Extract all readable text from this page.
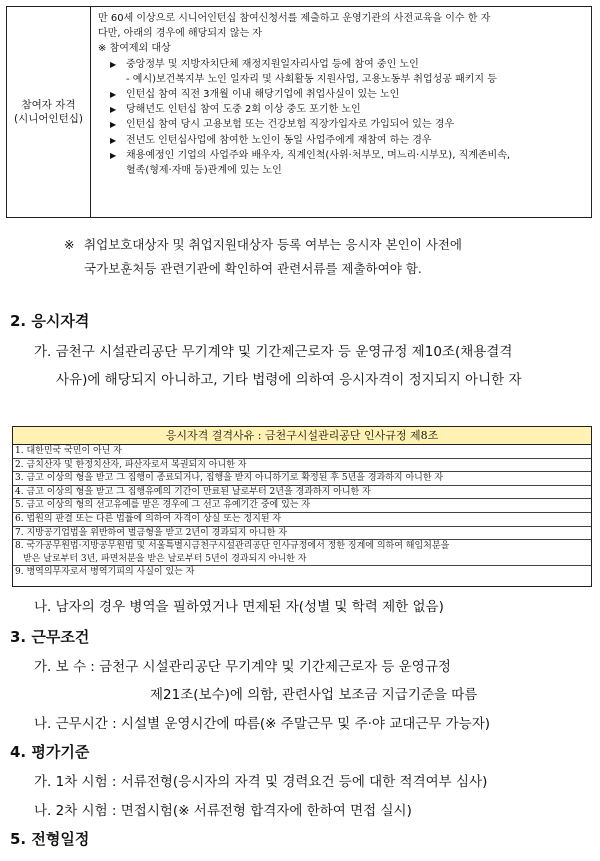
참여자 자격
(시니어인턴십)

만 60세 이상으로 시니어인턴십 참여신청서를 제출하고 운영기관의 사전교육을 이수 한 자

다만, 아래의 경우에 해당되지 않는 자

※ 참여제외 대상

▶ 중앙정부 및 지방자치단체 재정지원일자리사업 등에 참여 중인 노인
- 예시)보건복지부 노인 일자리 및 사회활동 지원사업, 고용노동부 취업성공 패키지 등
▶ 인턴십 참여 직전 3개월 이내 해당기업에 취업사실이 있는 노인
▶ 당해년도 인턴십 참여 도중 2회 이상 중도 포기한 노인
▶ 인턴십 참여 당시 고용보험 또는 건강보험 직장가입자로 가입되어 있는 경우
▶ 전년도 인턴십사업에 참여한 노인이 동일 사업주에게 재참여 하는 경우
▶ 채용예정인 기업의 사업주와 배우자, 직계인척(사위·처부모, 며느리·시부모), 직계존비속,
혈족(형제·자매 등)관계에 있는 노인
※ 취업보호대상자 및 취업지원대상자 등록 여부는 응시자 본인이 사전에
국가보훈처등 관련기관에 확인하여 관련서류를 제출하여야 함.
2. 응시자격
가. 금천구 시설관리공단 무기계약 및 기간제근로자 등 운영규정 제10조(채용결격
사유)에 해당되지 아니하고, 기타 법령에 의하여 응시자격이 정지되지 아니한 자
응시자격 결격사유 : 금천구시설관리공단 인사규정 제8조
1. 대한민국 국민이 아닌 자
2. 금치산자 및 한정치산자, 파산자로서 복권되지 아니한 자
3. 금고 이상의 형을 받고 그 집행이 종료되거나, 집행을 받지 아니하기로 확정된 후 5년을 경과하지 아니한 자
4. 금고 이상의 형을 받고 그 집행유예의 기간이 만료된 날로부터 2년을 경과하지 아니한 자
5. 금고 이상의 형의 선고유예를 받은 경우에 그 선고 유예기간 중에 있는 자
6. 법원의 판결 또는 다른 법률에 의하여 자격이 상실 또는 정지된 자
7. 지방공기업법을 위반하여 벌금형을 받고 2년이 경과되지 아니한 자
8. 국가공무원법·지방공무원법 및 서울특별시금천구시설관리공단 인사규정에서 정한 징계에 의하여 해임처분을
받은 날로부터 3년, 파면처분을 받은 날로부터 5년이 경과되지 아니한 자
9. 병역의무자로서 병역기피의 사실이 있는 자
나. 남자의 경우 병역을 필하였거나 면제된 자(성별 및 학력 제한 없음)
3. 근무조건
가. 보 수 : 금천구 시설관리공단 무기계약 및 기간제근로자 등 운영규정
제21조(보수)에 의함, 관련사업 보조금 지급기준을 따름
나. 근무시간 : 시설별 운영시간에 따름(※ 주말근무 및 주·야 교대근무 가능자)
4. 평가기준
가. 1차 시험 : 서류전형(응시자의 자격 및 경력요건 등에 대한 적격여부 심사)
나. 2차 시험 : 면접시험(※ 서류전형 합격자에 한하여 면접 실시)
5. 전형일정
